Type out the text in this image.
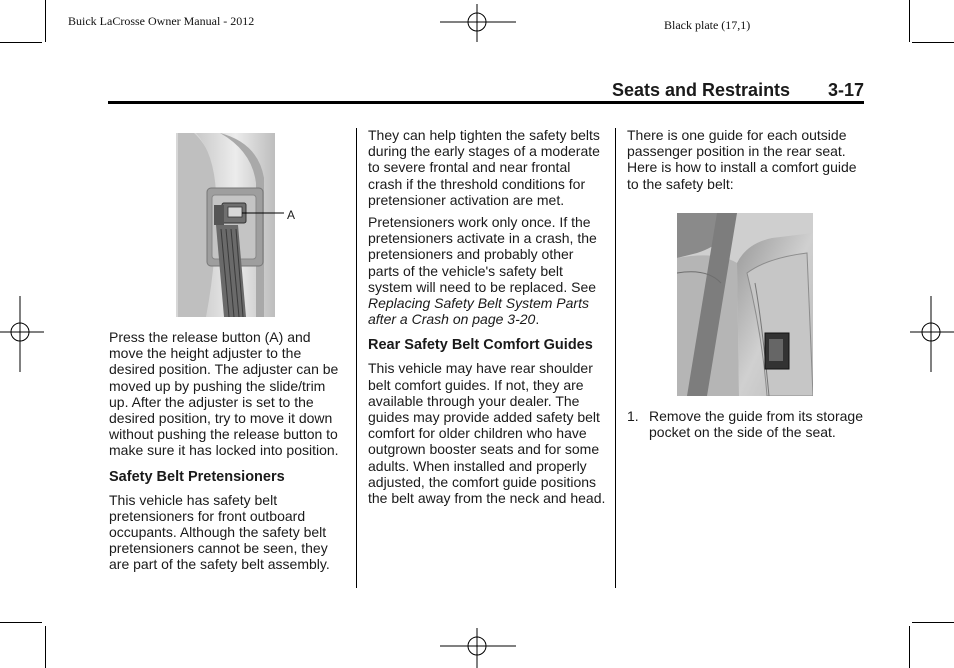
Buick LaCrosse Owner Manual - 2012	Black plate (17,1)
Seats and Restraints 3-17
A

Press the release button (A) and move the height adjuster to the desired position. The adjuster can be moved up by pushing the slide/trim up. After the adjuster is set to the desired position, try to move it down without pushing the release button to make sure it has locked into position.

Safety Belt Pretensioners

This vehicle has safety belt pretensioners for front outboard occupants. Although the safety belt pretensioners cannot be seen, they are part of the safety belt assembly.

They can help tighten the safety belts during the early stages of a moderate to severe frontal and near frontal crash if the threshold conditions for pretensioner activation are met.

Pretensioners work only once. If the pretensioners activate in a crash, the pretensioners and probably other parts of the vehicle's safety belt system will need to be replaced. See Replacing Safety Belt System Parts after a Crash on page 3-20.

Rear Safety Belt Comfort Guides

This vehicle may have rear shoulder belt comfort guides. If not, they are available through your dealer. The guides may provide added safety belt comfort for older children who have outgrown booster seats and for some adults. When installed and properly adjusted, the comfort guide positions the belt away from the neck and head.

There is one guide for each outside passenger position in the rear seat. Here is how to install a comfort guide to the safety belt:

1. Remove the guide from its storage pocket on the side of the seat.
